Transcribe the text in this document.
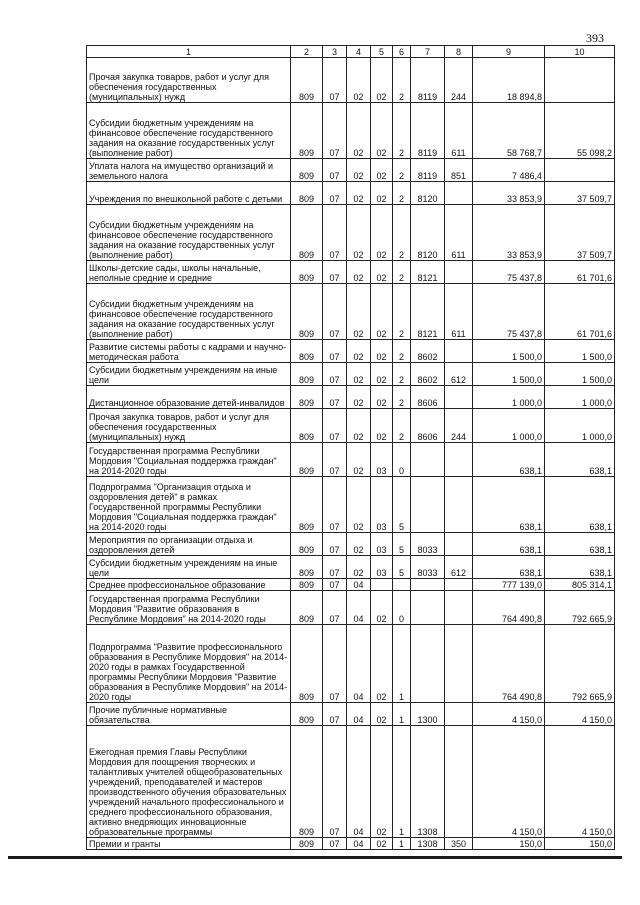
393
1	2	3	4	5	6	7	8	9	10
Прочая закупка товаров, работ и услуг для обеспечения государственных (муниципальных) нужд	809	07	02	02	2	8119	244	18 894,8	
Субсидии бюджетным учреждениям на финансовое обеспечение государственного задания на оказание государственных услуг (выполнение работ)	809	07	02	02	2	8119	611	58 768,7	55 098,2
Уплата налога на имущество организаций и земельного налога	809	07	02	02	2	8119	851	7 486,4	
Учреждения по внешкольной работе с детьми	809	07	02	02	2	8120		33 853,9	37 509,7
Субсидии бюджетным учреждениям на финансовое обеспечение государственного задания на оказание государственных услуг (выполнение работ)	809	07	02	02	2	8120	611	33 853,9	37 509,7
Школы-детские сады, школы начальные, неполные средние и средние	809	07	02	02	2	8121		75 437,8	61 701,6
Субсидии бюджетным учреждениям на финансовое обеспечение государственного задания на оказание государственных услуг (выполнение работ)	809	07	02	02	2	8121	611	75 437,8	61 701,6
Развитие системы работы с кадрами и научно-методическая работа	809	07	02	02	2	8602		1 500,0	1 500,0
Субсидии бюджетным учреждениям на иные цели	809	07	02	02	2	8602	612	1 500,0	1 500,0
Дистанционное образование детей-инвалидов	809	07	02	02	2	8606		1 000,0	1 000,0
Прочая закупка товаров, работ и услуг для обеспечения государственных (муниципальных) нужд	809	07	02	02	2	8606	244	1 000,0	1 000,0
Государственная программа Республики Мордовия "Социальная поддержка граждан" на 2014-2020 годы	809	07	02	03	0			638,1	638,1
Подпрограмма "Организация отдыха и оздоровления детей" в рамках Государственной программы Республики Мордовия "Социальная поддержка граждан" на 2014-2020 годы	809	07	02	03	5			638,1	638,1
Мероприятия по организации отдыха и оздоровления детей	809	07	02	03	5	8033		638,1	638,1
Субсидии бюджетным учреждениям на иные цели	809	07	02	03	5	8033	612	638,1	638,1
Среднее профессиональное образование	809	07	04					777 139,0	805 314,1
Государственная программа Республики Мордовия "Развитие образования в Республике Мордовия" на 2014-2020 годы	809	07	04	02	0			764 490,8	792 665,9
Подпрограмма "Развитие профессионального образования в Республике Мордовия" на 2014-2020 годы в рамках Государственной программы Республики Мордовия "Развитие образования в Республике Мордовия" на 2014-2020 годы	809	07	04	02	1			764 490,8	792 665,9
Прочие публичные нормативные обязательства	809	07	04	02	1	1300		4 150,0	4 150,0
Ежегодная премия Главы Республики Мордовия для поощрения творческих и талантливых учителей общеобразовательных учреждений, преподавателей и мастеров производственного обучения образовательных учреждений начального профессионального и среднего профессионального образования, активно внедряющих инновационные образовательные программы	809	07	04	02	1	1308		4 150,0	4 150,0
Премии и гранты	809	07	04	02	1	1308	350	150,0	150,0
